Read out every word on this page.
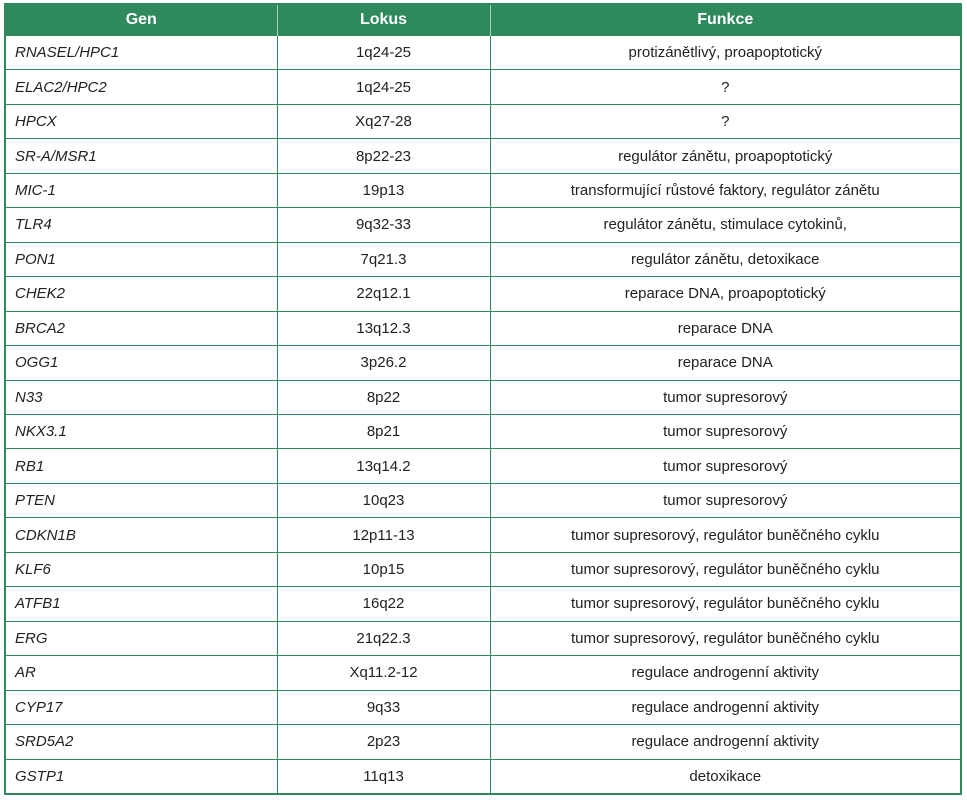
Gen	Lokus	Funkce
RNASEL/HPC1	1q24-25	protizánětlivý, proapoptotický
ELAC2/HPC2	1q24-25	?
HPCX	Xq27-28	?
SR-A/MSR1	8p22-23	regulátor zánětu, proapoptotický
MIC-1	19p13	transformující růstové faktory, regulátor zánětu
TLR4	9q32-33	regulátor zánětu, stimulace cytokinů,
PON1	7q21.3	regulátor zánětu, detoxikace
CHEK2	22q12.1	reparace DNA, proapoptotický
BRCA2	13q12.3	reparace DNA
OGG1	3p26.2	reparace DNA
N33	8p22	tumor supresorový
NKX3.1	8p21	tumor supresorový
RB1	13q14.2	tumor supresorový
PTEN	10q23	tumor supresorový
CDKN1B	12p11-13	tumor supresorový, regulátor buněčného cyklu
KLF6	10p15	tumor supresorový, regulátor buněčného cyklu
ATFB1	16q22	tumor supresorový, regulátor buněčného cyklu
ERG	21q22.3	tumor supresorový, regulátor buněčného cyklu
AR	Xq11.2-12	regulace androgenní aktivity
CYP17	9q33	regulace androgenní aktivity
SRD5A2	2p23	regulace androgenní aktivity
GSTP1	11q13	detoxikace
